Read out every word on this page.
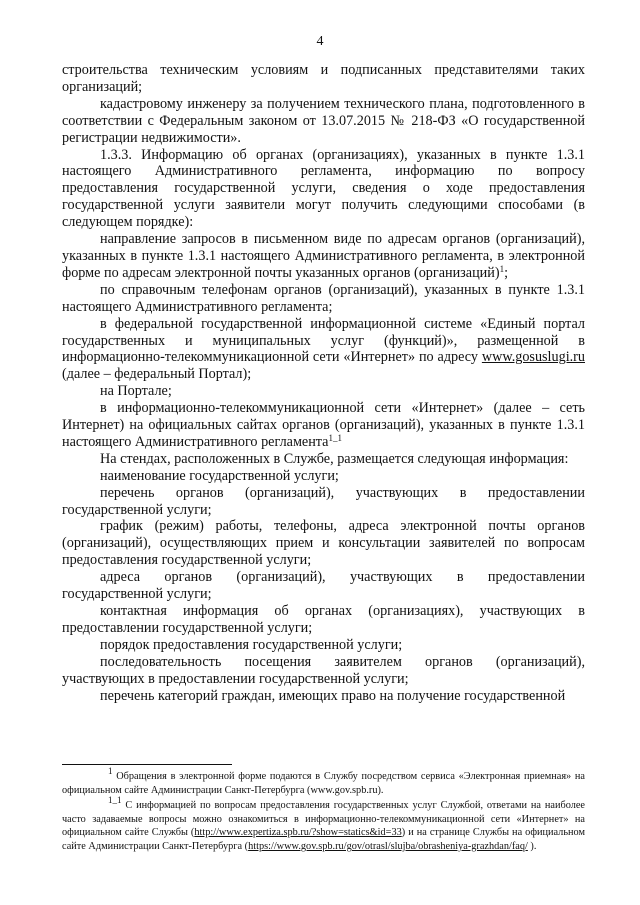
4

строительства техническим условиям и подписанных представителями таких организаций;

кадастровому инженеру за получением технического плана, подготовленного в соответствии с Федеральным законом от 13.07.2015 № 218-ФЗ «О государственной регистрации недвижимости».

1.3.3. Информацию об органах (организациях), указанных в пункте 1.3.1 настоящего Административного регламента, информацию по вопросу предоставления государственной услуги, сведения о ходе предоставления государственной услуги заявители могут получить следующими способами (в следующем порядке):

направление запросов в письменном виде по адресам органов (организаций), указанных в пункте 1.3.1 настоящего Административного регламента, в электронной форме по адресам электронной почты указанных органов (организаций)$^1$;

по справочным телефонам органов (организаций), указанных в пункте 1.3.1 настоящего Административного регламента;

в федеральной государственной информационной системе «Единый портал государственных и муниципальных услуг (функций)», размещенной в информационно-телекоммуникационной сети «Интернет» по адресу www.gosuslugi.ru (далее – федеральный Портал);

на Портале;

в информационно-телекоммуникационной сети «Интернет» (далее – сеть Интернет) на официальных сайтах органов (организаций), указанных в пункте 1.3.1 настоящего Административного регламента$^{1\_1}$

На стендах, расположенных в Службе, размещается следующая информация:

наименование государственной услуги;

перечень органов (организаций), участвующих в предоставлении государственной услуги;

график (режим) работы, телефоны, адреса электронной почты органов (организаций), осуществляющих прием и консультации заявителей по вопросам предоставления государственной услуги;

адреса органов (организаций), участвующих в предоставлении государственной услуги;

контактная информация об органах (организациях), участвующих в предоставлении государственной услуги;

порядок предоставления государственной услуги;

последовательность посещения заявителем органов (организаций), участвующих в предоставлении государственной услуги;

перечень категорий граждан, имеющих право на получение государственной

$^1$ Обращения в электронной форме подаются в Службу посредством сервиса «Электронная приемная» на официальном сайте Администрации Санкт-Петербурга (www.gov.spb.ru).

$^{1\_1}$ С информацией по вопросам предоставления государственных услуг Службой, ответами на наиболее часто задаваемые вопросы можно ознакомиться в информационно-телекоммуникационной сети «Интернет» на официальном сайте Службы (http://www.expertiza.spb.ru/?show=statics&id=33) и на странице Службы на официальном сайте Администрации Санкт-Петербурга (https://www.gov.spb.ru/gov/otrasl/slujba/obrasheniya-grazhdan/faq/ ).
